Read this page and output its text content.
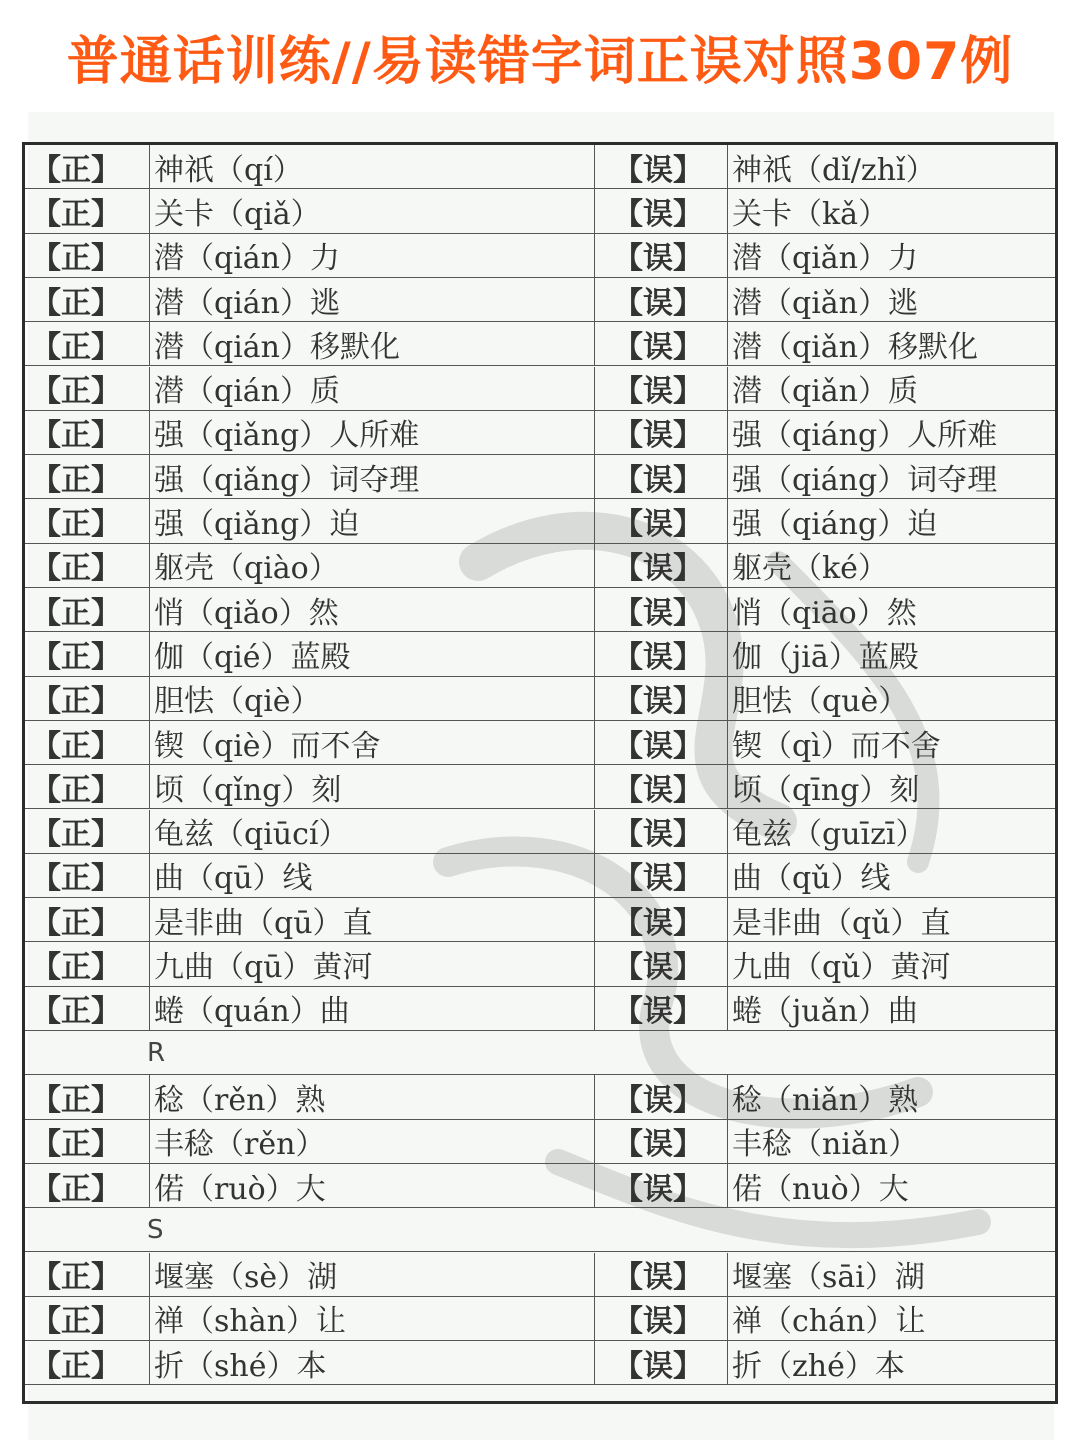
普通话训练//易读错字词正误对照307例
【正】	神祇（qí）	【误】 神祇（dǐ/zhǐ）
【正】	关卡（qiǎ）	【误】 关卡（kǎ）
【正】	潜（qián）力	【误】 潜（qiǎn）力
【正】	潜（qián）逃	【误】 潜（qiǎn）逃
【正】	潜（qián）移默化	【误】 潜（qiǎn）移默化
【正】	潜（qián）质	【误】 潜（qiǎn）质
【正】	强（qiǎng）人所难	【误】 强（qiáng）人所难
【正】	强（qiǎng）词夺理	【误】 强（qiáng）词夺理
【正】	强（qiǎng）迫	【误】 强（qiáng）迫
【正】	躯壳（qiào）	【误】 躯壳（ké）
【正】	悄（qiǎo）然	【误】 悄（qiāo）然
【正】	伽（qié）蓝殿	【误】 伽（jiā）蓝殿
【正】	胆怯（qiè）	【误】 胆怯（què）
【正】	锲（qiè）而不舍	【误】 锲（qì）而不舍
【正】	顷（qǐng）刻	【误】 顷（qīng）刻
【正】	龟兹（qiūcí）	【误】 龟兹（guīzī）
【正】	曲（qū）线	【误】 曲（qǔ）线
【正】	是非曲（qū）直	【误】 是非曲（qǔ）直
【正】	九曲（qū）黄河	【误】 九曲（qǔ）黄河
【正】	蜷（quán）曲	【误】 蜷（juǎn）曲
R
【正】	稔（rěn）熟	【误】 稔（niǎn）熟
【正】	丰稔（rěn）	【误】 丰稔（niǎn）
【正】	偌（ruò）大	【误】 偌（nuò）大
S
【正】	堰塞（sè）湖	【误】 堰塞（sāi）湖
【正】	禅（shàn）让	【误】 禅（chán）让
【正】	折（shé）本	【误】 折（zhé）本
